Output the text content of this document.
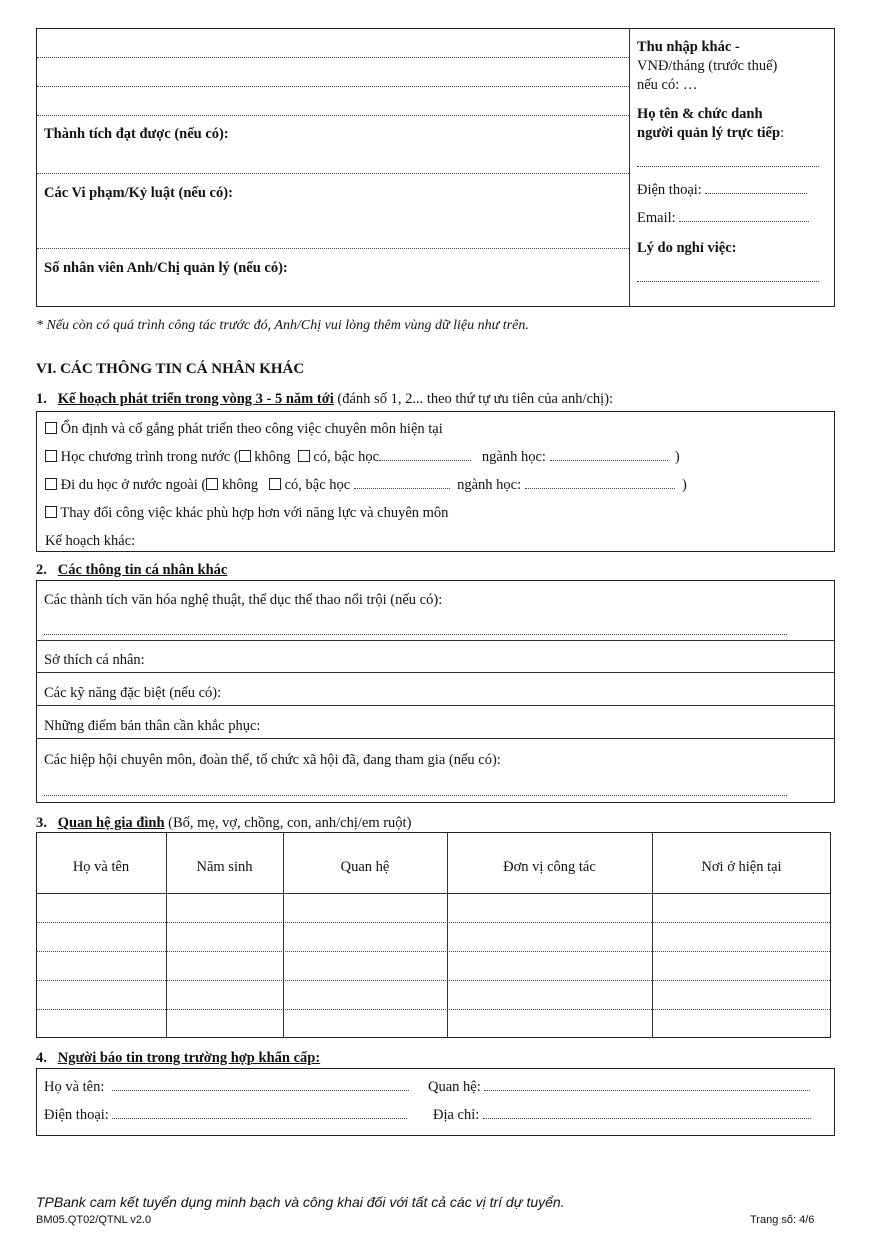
Thành tích đạt được (nếu có):
Các Vi phạm/Kỷ luật (nếu có):
Số nhân viên Anh/Chị quản lý (nếu có):
Thu nhập khác -
VNĐ/tháng (trước thuế)
nếu có: …
Họ tên & chức danh
người quản lý trực tiếp:
Điện thoại:
Email:
Lý do nghỉ việc:
* Nếu còn có quá trình công tác trước đó, Anh/Chị vui lòng thêm vùng dữ liệu như trên.
VI. CÁC THÔNG TIN CÁ NHÂN KHÁC
1. Kế hoạch phát triển trong vòng 3 - 5 năm tới (đánh số 1, 2... theo thứ tự ưu tiên của anh/chị):
Ổn định và cố gắng phát triển theo công việc chuyên môn hiện tại
Học chương trình trong nước ( không có, bậc học	ngành học:	)
Đi du học ở nước ngoài ( không có, bậc học	ngành học:	)
Thay đổi công việc khác phù hợp hơn với năng lực và chuyên môn
Kế hoạch khác:
2. Các thông tin cá nhân khác
Các thành tích văn hóa nghệ thuật, thể dục thể thao nổi trội (nếu có):
Sở thích cá nhân:
Các kỹ năng đặc biệt (nếu có):
Những điểm bản thân cần khắc phục:
Các hiệp hội chuyên môn, đoàn thể, tổ chức xã hội đã, đang tham gia (nếu có):
3. Quan hệ gia đình (Bố, mẹ, vợ, chồng, con, anh/chị/em ruột)
Họ và tên	Năm sinh	Quan hệ	Đơn vị công tác	Nơi ở hiện tại
4. Người báo tin trong trường hợp khẩn cấp:
Họ và tên:	Quan hệ:
Điện thoại:	Địa chỉ:
TPBank cam kết tuyển dụng minh bạch và công khai đối với tất cả các vị trí dự tuyển.
BM05.QT02/QTNL v2.0	Trang số: 4/6
